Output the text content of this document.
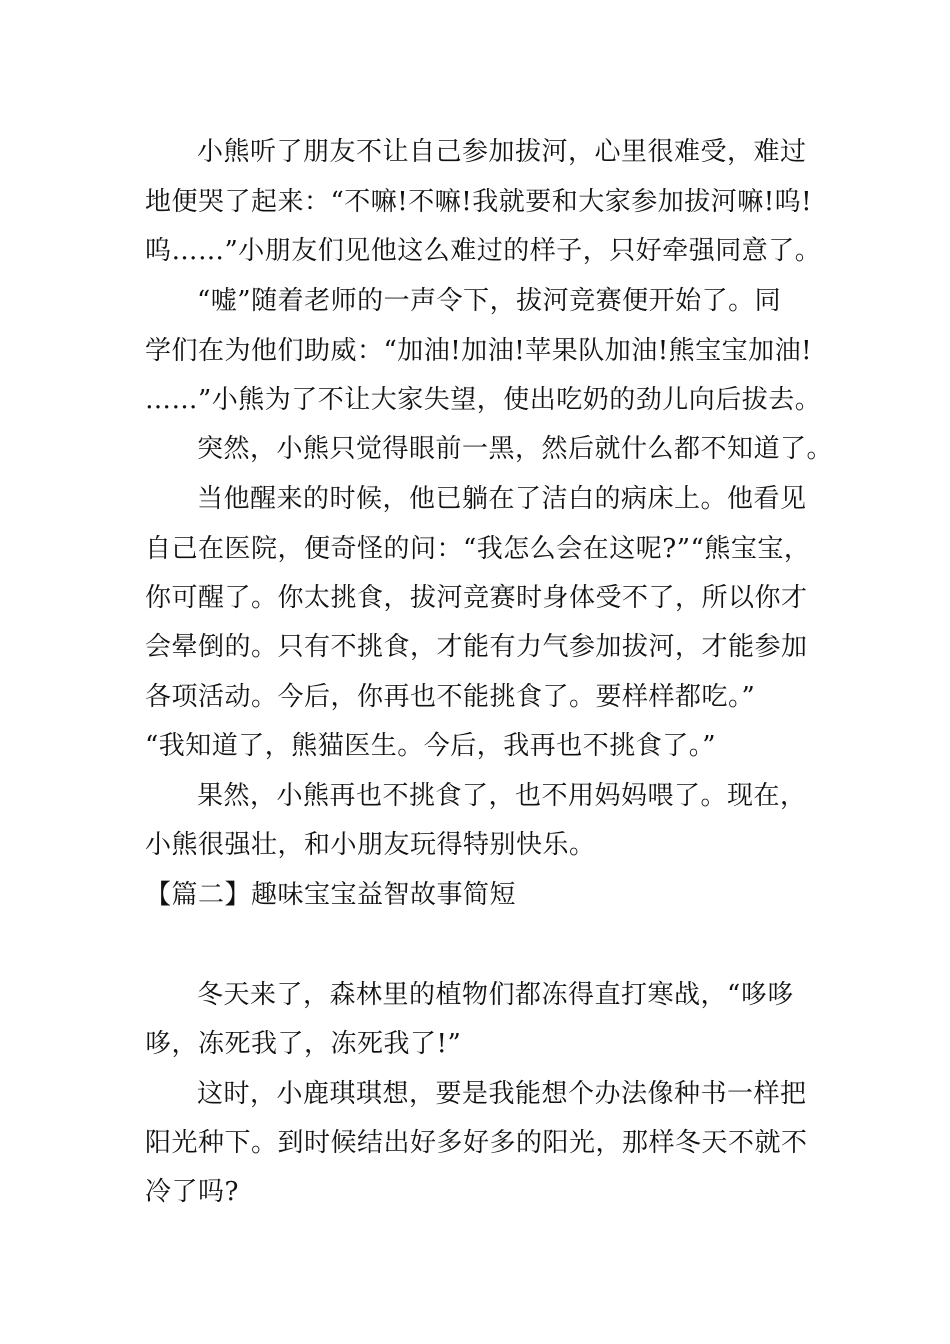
小熊听了朋友不让自己参加拔河，心里很难受，难过
地便哭了起来：“不嘛!不嘛!我就要和大家参加拔河嘛!呜!
呜……”小朋友们见他这么难过的样子，只好牵强同意了。
“嘘”随着老师的一声令下，拔河竞赛便开始了。同
学们在为他们助威：“加油!加油!苹果队加油!熊宝宝加油!
……”小熊为了不让大家失望，使出吃奶的劲儿向后拔去。
突然，小熊只觉得眼前一黑，然后就什么都不知道了。
当他醒来的时候，他已躺在了洁白的病床上。他看见
自己在医院，便奇怪的问：“我怎么会在这呢?”“熊宝宝，
你可醒了。你太挑食，拔河竞赛时身体受不了，所以你才
会晕倒的。只有不挑食，才能有力气参加拔河，才能参加
各项活动。今后，你再也不能挑食了。要样样都吃。”
“我知道了，熊猫医生。今后，我再也不挑食了。”
果然，小熊再也不挑食了，也不用妈妈喂了。现在，
小熊很强壮，和小朋友玩得特别快乐。
【篇二】趣味宝宝益智故事简短
冬天来了，森林里的植物们都冻得直打寒战，“哆哆
哆，冻死我了，冻死我了!”
这时，小鹿琪琪想，要是我能想个办法像种书一样把
阳光种下。到时候结出好多好多的阳光，那样冬天不就不
冷了吗?
